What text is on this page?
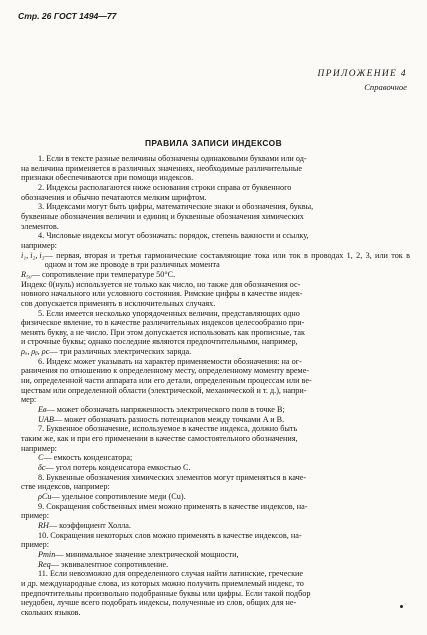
Стр. 26 ГОСТ 1494—77
ПРИЛОЖЕНИЕ 4
Справочное
ПРАВИЛА ЗАПИСИ ИНДЕКСОВ

1. Если в тексте разные величины обозначены одинаковыми буквами или од-

на величина применяется в различных значениях, необходимые различительные

признаки обеспечиваются при помощи индексов.

2. Индексы располагаются ниже основания строки справа от буквенного

обозначения и обычно печатаются мелким шрифтом.

3. Индексами могут быть цифры, математические знаки и обозначения, буквы,

буквенные обозначения величин и единиц и буквенные обозначения химических

элементов.

4. Числовые индексы могут обозначать: порядок, степень важности и ссылку,

например:

i₁, i₂, i₃ — первая, вторая и третья гармонические составляющие тока или ток в проводах 1, 2, 3, или ток в одном и том же проводе в три различных момента

R₅₀ — сопротивление при температуре 50°С.

Индекс 0(нуль) используется не только как число, но также для обозначения ос-

новного начального или условного состояния. Римские цифры в качестве индек-

сов допускается применять в исключительных случаях.

5. Если имеется несколько упорядоченных величин, представляющих одно

физическое явление, то в качестве различительных индексов целесообразно при-

менять букву, а не число. При этом допускается использовать как прописные, так

и строчные буквы; однако последние являются предпочтительными, например,

ρₐ, ρᵦ, ρc — три различных электрических заряда.

6. Индекс может указывать на характер применяемости обозначения: на ог-

раничения по отношению к определенному месту, определенному моменту време-

ни, определенной части аппарата или его детали, определенным процессам или ве-

ществам или определенной области (электрической, механической и т. д.), напри-

мер:

Eв — может обозначать напряженность электрического поля в точке B;

UAB — может обозначать разность потенциалов между точками A и B.

7. Буквенное обозначение, используемое в качестве индекса, должно быть

таким же, как и при его применении в качестве самостоятельного обозначения,

например:

C — емкость конденсатора;

δc — угол потерь конденсатора емкостью C.

8. Буквенные обозначения химических элементов могут применяться в каче-

стве индексов, например:

ρCu — удельное сопротивление меди (Cu).

9. Сокращения собственных имен можно применять в качестве индексов, на-

пример:

RH — коэффициент Холла.

10. Сокращения некоторых слов можно применять в качестве индексов, на-

пример:

Pmin — минимальное значение электрической мощности,

Req — эквивалентное сопротивление.

11. Если невозможно для определенного случая найти латинские, греческие

и др. международные слова, из которых можно получить приемлемый индекс, то

предпочтительны произвольно подобранные буквы или цифры. Если такой подбор

неудобен, лучше всего подобрать индексы, полученные из слов, общих для не-

скольких языков.
